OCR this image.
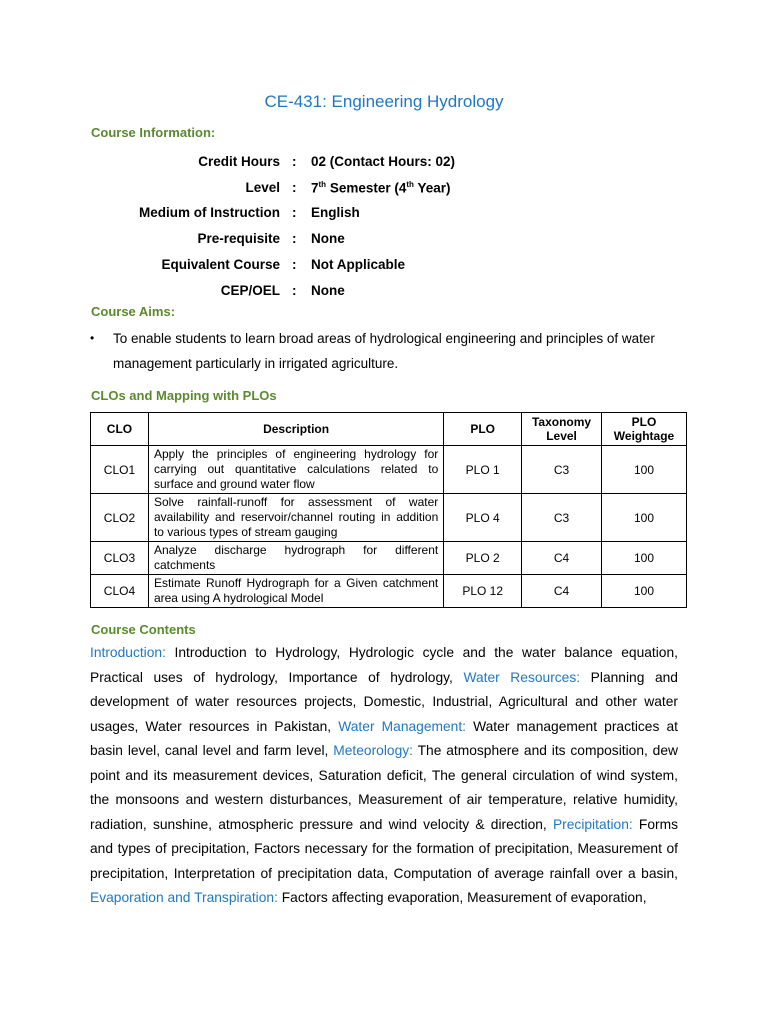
CE-431: Engineering Hydrology
Course Information:
Credit Hours : 02 (Contact Hours: 02)
Level : 7th Semester (4th Year)
Medium of Instruction : English
Pre-requisite : None
Equivalent Course : Not Applicable
CEP/OEL : None
Course Aims:
• To enable students to learn broad areas of hydrological engineering and principles of water management particularly in irrigated agriculture.
CLOs and Mapping with PLOs
CLO	Description	PLO	Taxonomy Level	PLO Weightage
CLO1	Apply the principles of engineering hydrology for carrying out quantitative calculations related to surface and ground water flow	PLO 1	C3	100
CLO2	Solve rainfall-runoff for assessment of water availability and reservoir/channel routing in addition to various types of stream gauging	PLO 4	C3	100
CLO3	Analyze discharge hydrograph for different catchments	PLO 2	C4	100
CLO4	Estimate Runoff Hydrograph for a Given catchment area using A hydrological Model	PLO 12	C4	100
Course Contents
Introduction: Introduction to Hydrology, Hydrologic cycle and the water balance equation, Practical uses of hydrology, Importance of hydrology, Water Resources: Planning and development of water resources projects, Domestic, Industrial, Agricultural and other water usages, Water resources in Pakistan, Water Management: Water management practices at basin level, canal level and farm level, Meteorology: The atmosphere and its composition, dew point and its measurement devices, Saturation deficit, The general circulation of wind system, the monsoons and western disturbances, Measurement of air temperature, relative humidity, radiation, sunshine, atmospheric pressure and wind velocity & direction, Precipitation: Forms and types of precipitation, Factors necessary for the formation of precipitation, Measurement of precipitation, Interpretation of precipitation data, Computation of average rainfall over a basin, Evaporation and Transpiration: Factors affecting evaporation, Measurement of evaporation,
